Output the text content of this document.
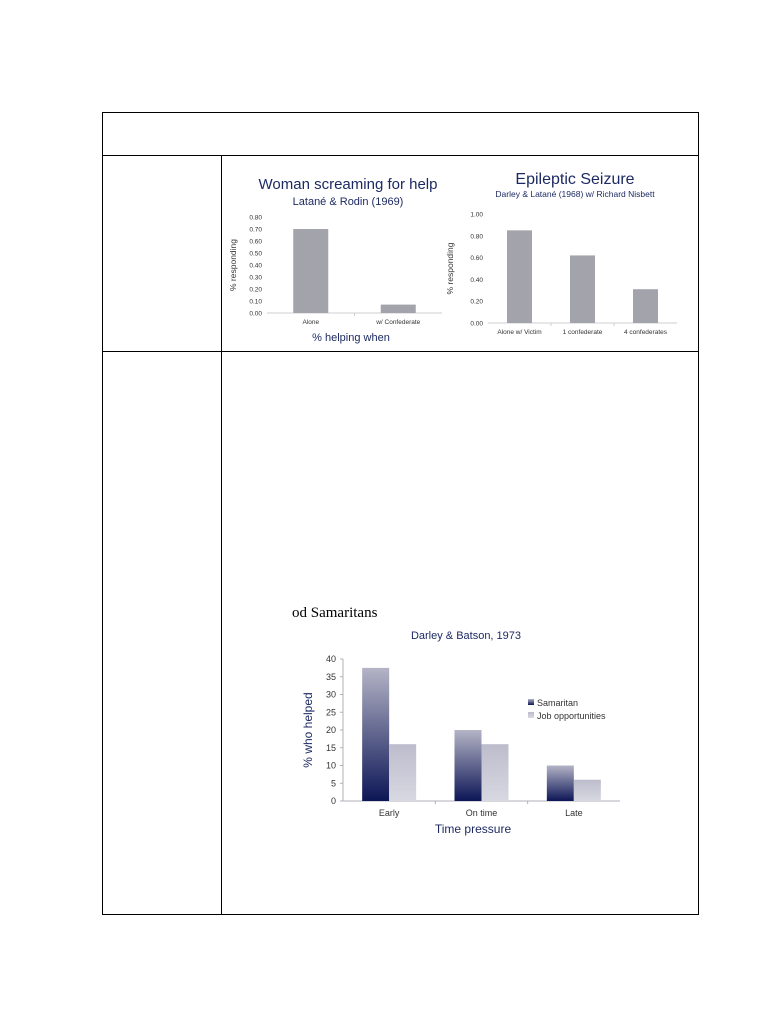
od Samaritans
Woman screaming for help
Latané & Rodin (1969)
0.00
0.10
0.20
0.30
0.40
0.50
0.60
0.70
0.80
Alone	w/ Confederate
% responding
% helping when
Epileptic Seizure
Darley & Latané (1968) w/ Richard Nisbett
0.00
0.20
0.40
0.60
0.80
1.00
Alone w/ Victim	1 confederate	4 confederates
% responding
Darley & Batson, 1973
0
5
10
15
20
25
30
35
40
Early	On time	Late
% who helped
Time pressure
Samaritan
Job opportunities
